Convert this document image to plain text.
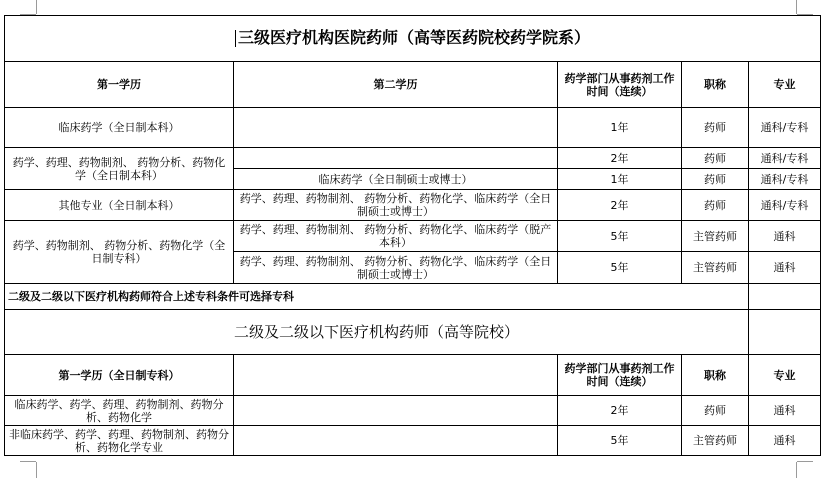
三级医疗机构医院药师（高等医药院校药学院系）				
第一学历	第二学历	药学部门从事药剂工作时间（连续）	职称	专业
临床药学（全日制本科）		1年	药师	通科/专科
药学、药理、药物制剂、 药物分析、药物化学（全日制本科）		2年	药师	通科/专科
	临床药学（全日制硕士或博士）	1年	药师	通科/专科
其他专业（全日制本科）	药学、药理、药物制剂、 药物分析、药物化学、临床药学（全日制硕士或博士）	2年	药师	通科/专科
药学、药物制剂、 药物分析、药物化学（全日制专科）	药学、药理、药物制剂、 药物分析、药物化学、临床药学（脱产本科）	5年	主管药师	通科
	药学、药理、药物制剂、 药物分析、药物化学、临床药学（全日制硕士或博士）	5年	主管药师	通科
二级及二级以下医疗机构药师符合上述专科条件可选择专科				
二级及二级以下医疗机构药师（高等院校）				
第一学历（全日制专科）		药学部门从事药剂工作时间（连续）	职称	专业
临床药学、药学、药理、药物制剂、药物分析、药物化学		2年	药师	通科
非临床药学、药学、药理、药物制剂、药物分析、药物化学专业		5年	主管药师	通科
